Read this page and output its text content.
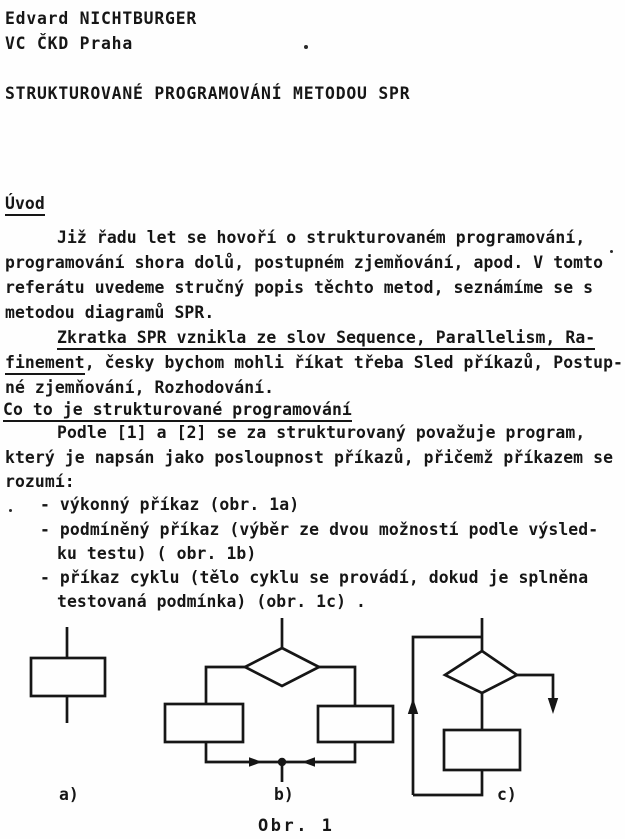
Edvard NICHTBURGER
VC ČKD Praha
STRUKTUROVANÉ PROGRAMOVÁNÍ METODOU SPR
Úvod
Již řadu let se hovoří o strukturovaném programování,
programování shora dolů, postupném zjemňování, apod. V tomto
referátu uvedeme stručný popis těchto metod, seznámíme se s
metodou diagramů SPR.
Zkratka SPR vznikla ze slov Sequence, Parallelism, Ra-
finement, česky bychom mohli říkat třeba Sled příkazů, Postup-
né zjemňování, Rozhodování.
Co to je strukturované programování
Podle [1] a [2] se za strukturovaný považuje program,
který je napsán jako posloupnost příkazů, přičemž příkazem se
rozumí:
- výkonný příkaz (obr. 1a)
- podmíněný příkaz (výběr ze dvou možností podle výsled-
ku testu) ( obr. 1b)
- příkaz cyklu (tělo cyklu se provádí, dokud je splněna
testovaná podmínka) (obr. 1c) .
a)	b)	c)
Obr. 1
